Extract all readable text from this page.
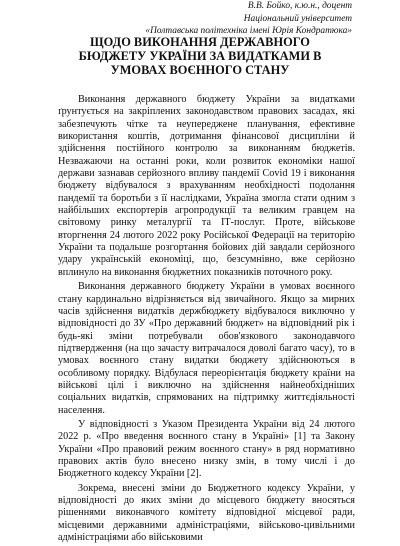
В.В. Бойко, к.ю.н., доцент
Національний університет
«Полтавська політехніка імені Юрія Кондратюка»
ЩОДО ВИКОНАННЯ ДЕРЖАВНОГО
БЮДЖЕТУ УКРАЇНИ ЗА ВИДАТКАМИ В
УМОВАХ ВОЄННОГО СТАНУ

Виконання державного бюджету України за видатками ґрунтується на закріплених законодавством правових засадах, які забезпечують чітке та неупереджене планування, ефективне використання коштів, дотримання фінансової дисципліни й здійснення постійного контролю за виконанням бюджетів. Незважаючи на останні роки, коли розвиток економіки нашої держави зазнавав серйозного впливу пандемії Covid 19 і виконання бюджету відбувалося з врахуванням необхідності подолання пандемії та боротьби з її наслідками, Україна змогла стати одним з найбільших експортерів агропродукції та великим гравцем на світовому ринку металургії та ІТ-послуг. Проте, військове вторгнення 24 лютого 2022 року Російської Федерації на територію України та подальше розгортання бойових дій завдали серйозного удару українській економіці, що, безсумнівно, вже серйозно вплинуло на виконання бюджетних показників поточного року.

Виконання державного бюджету України в умовах воєнного стану кардинально відрізняється від звичайного. Якщо за мирних часів здійснення видатків держбюджету відбувалося виключно у відповідності до ЗУ «Про державний бюджет» на відповідний рік і будь-які зміни потребували обов'язкового законодавчого підтвердження (на що зачасту витрачалося доволі багато часу), то в умовах воєнного стану видатки бюджету здійснюються в особливому порядку. Відбулася переорієнтація бюджету країни на військові цілі і виключно на здійснення найнеобхідніших соціальних видатків, спрямованих на підтримку життєдіяльності населення.

У відповідності з Указом Президента України від 24 лютого 2022 р. «Про введення воєнного стану в Україні» [1] та Закону України «Про правовий режим воєнного стану» в ряд нормативно правових актів було внесено низку змін, в тому числі і до Бюджетного кодексу України [2].

Зокрема, внесені зміни до Бюджетного кодексу України, у відповідності до яких зміни до місцевого бюджету вносяться рішеннями виконавчого комітету відповідної місцевої ради, місцевими державними адміністраціями, військово-цивільними адміністраціями або військовими
